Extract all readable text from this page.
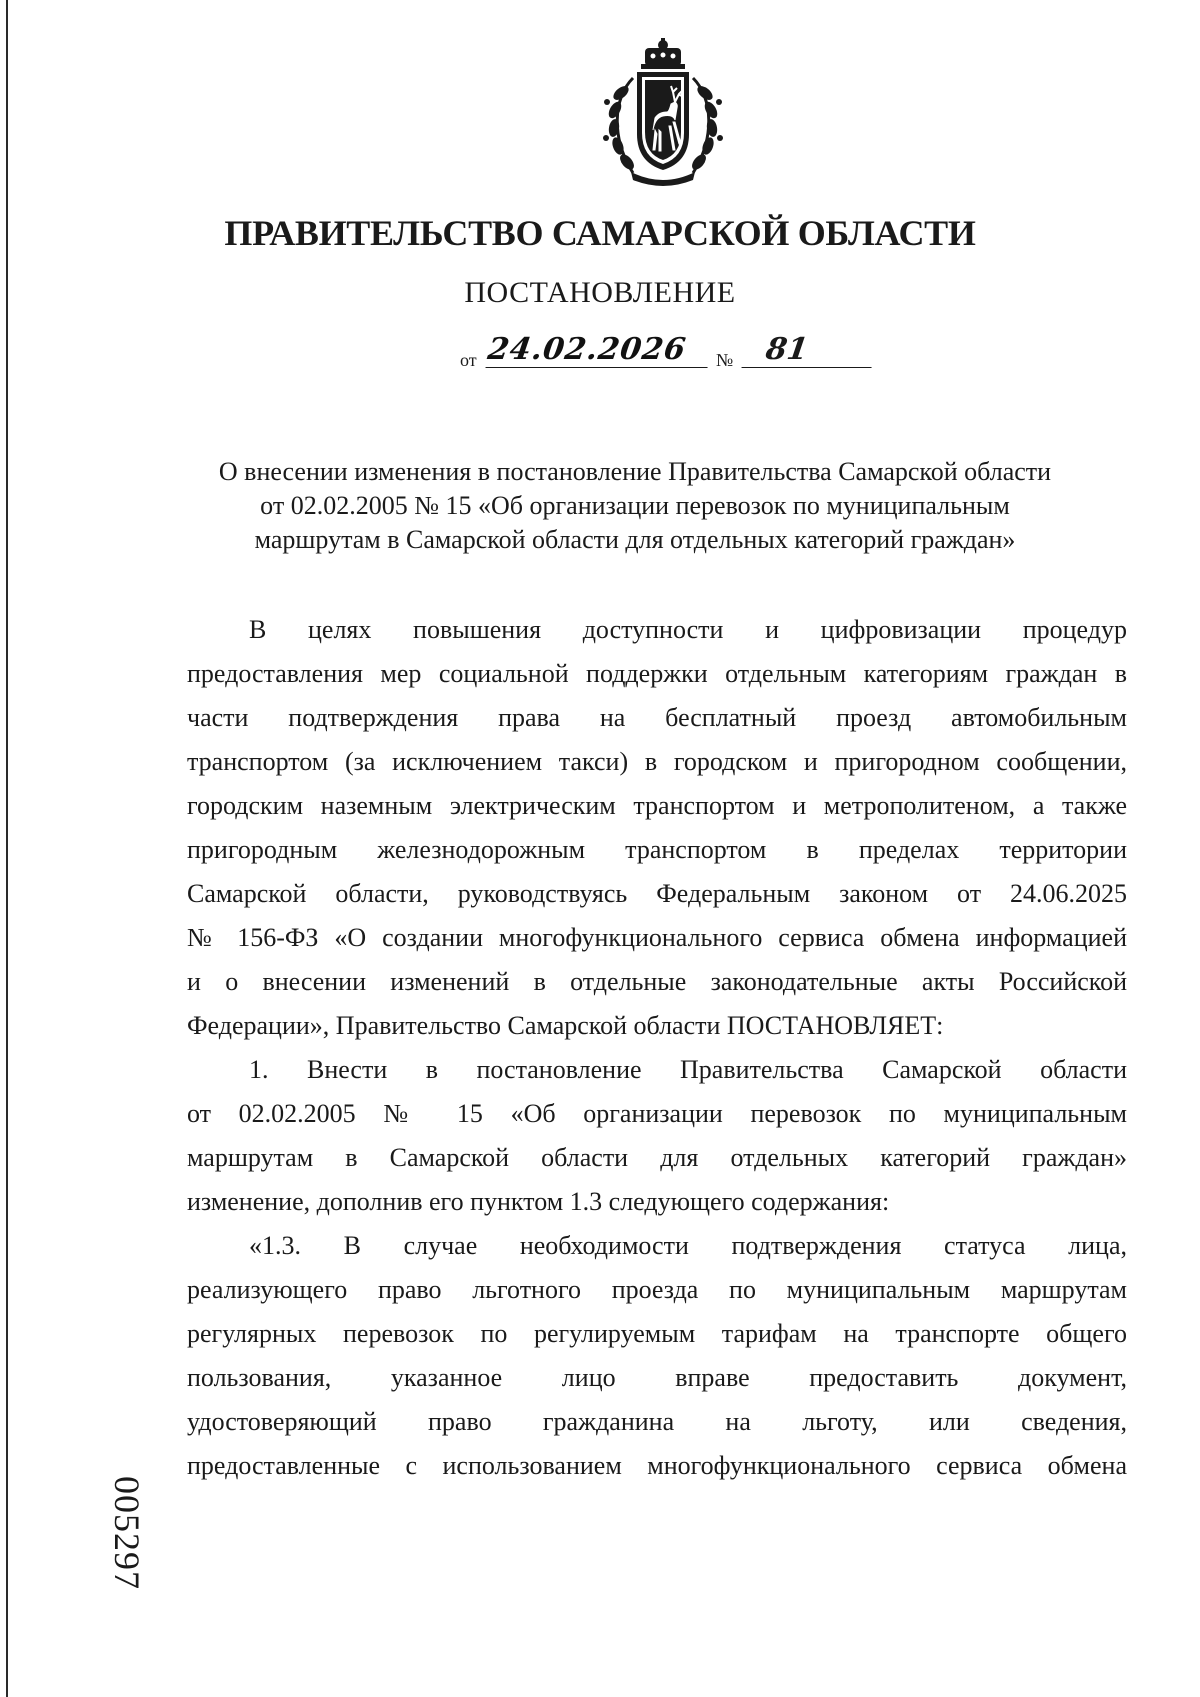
ПРАВИТЕЛЬСТВО САМАРСКОЙ ОБЛАСТИ
ПОСТАНОВЛЕНИЕ
от 24.02.2026	№	81
О внесении изменения в постановление Правительства Самарской области
от 02.02.2005 № 15 «Об организации перевозок по муниципальным
маршрутам в Самарской области для отдельных категорий граждан»
В целях повышения доступности и цифровизации процедур
предоставления мер социальной поддержки отдельным категориям граждан в
части подтверждения права на бесплатный проезд автомобильным
транспортом (за исключением такси) в городском и пригородном сообщении,
городским наземным электрическим транспортом и метрополитеном, а также
пригородным железнодорожным транспортом в пределах территории
Самарской области, руководствуясь Федеральным законом от 24.06.2025
№ 156-ФЗ «О создании многофункционального сервиса обмена информацией
и о внесении изменений в отдельные законодательные акты Российской
Федерации», Правительство Самарской области ПОСТАНОВЛЯЕТ:
1. Внести в постановление Правительства Самарской области
от 02.02.2005 № 15 «Об организации перевозок по муниципальным
маршрутам в Самарской области для отдельных категорий граждан»
изменение, дополнив его пунктом 1.3 следующего содержания:
«1.3. В случае необходимости подтверждения статуса лица,
реализующего право льготного проезда по муниципальным маршрутам
регулярных перевозок по регулируемым тарифам на транспорте общего
пользования, указанное лицо вправе предоставить документ,
удостоверяющий право гражданина на льготу, или сведения,
предоставленные с использованием многофункционального сервиса обмена
005297
